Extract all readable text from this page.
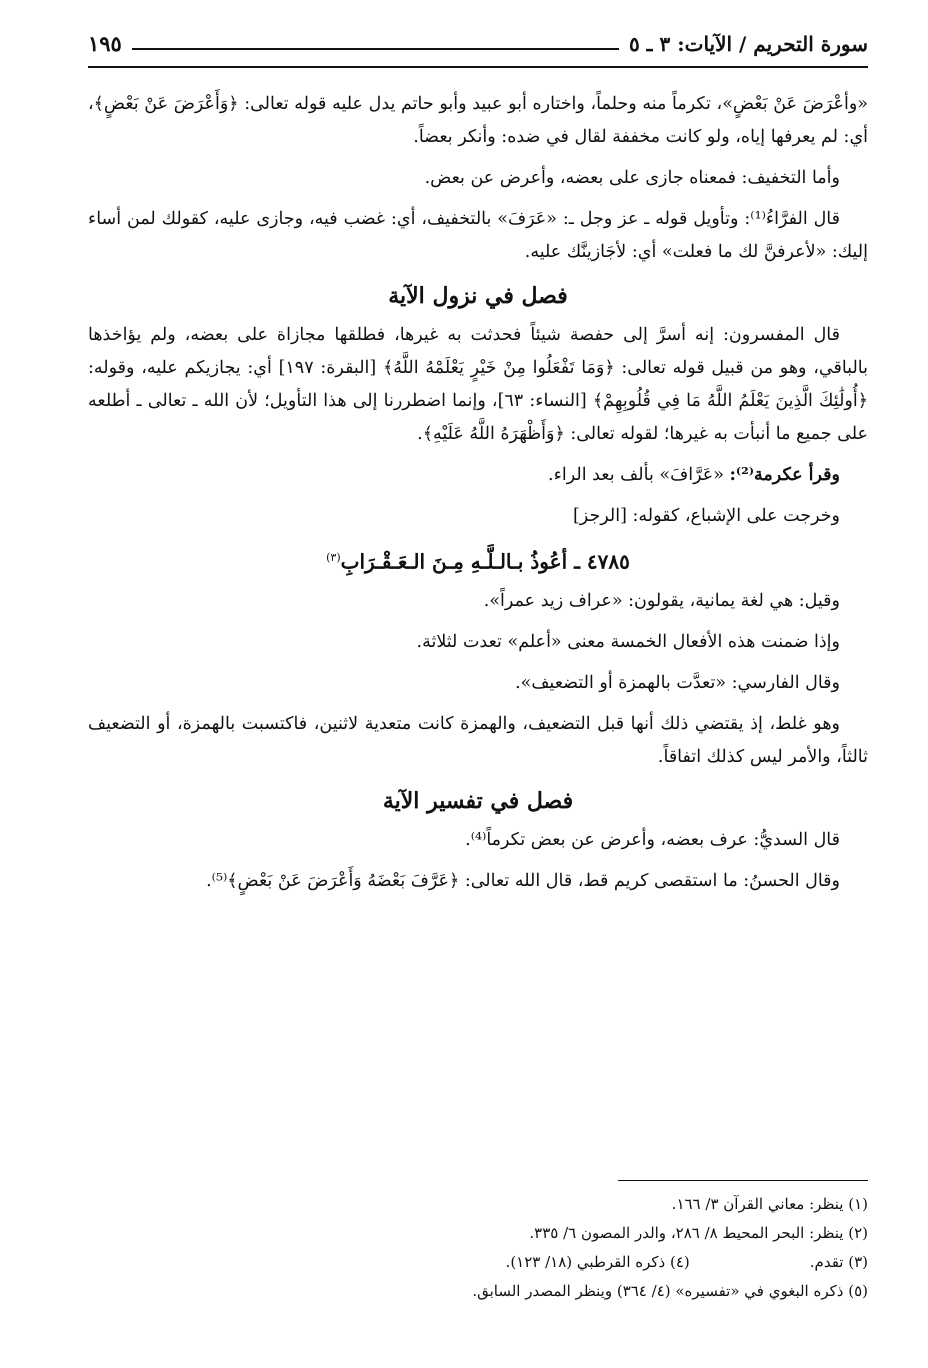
سورة التحريم / الآيات: ٣ ـ ٥
١٩٥

«وأعْرَضَ عَنْ بَعْضٍ»، تكرماً منه وحلماً، واختاره أبو عبيد وأبو حاتم يدل عليه قوله تعالى: ﴿وَأَعْرَضَ عَنْ بَعْضٍ﴾، أي: لم يعرفها إياه، ولو كانت مخففة لقال في ضده: وأنكر بعضاً.

وأما التخفيف: فمعناه جازى على بعضه، وأعرض عن بعض.

قال الفرَّاءُ⁽¹⁾: وتأويل قوله ـ عز وجل ـ: «عَرَفَ» بالتخفيف، أي: غضب فيه، وجازى عليه، كقولك لمن أساء إليك: «لأعرفنَّ لك ما فعلت» أي: لأجَازينَّك عليه.

فصل في نزول الآية

قال المفسرون: إنه أسرَّ إلى حفصة شيئاً فحدثت به غيرها، فطلقها مجازاة على بعضه، ولم يؤاخذها بالباقي، وهو من قبيل قوله تعالى: ﴿وَمَا تَفْعَلُوا مِنْ خَيْرٍ يَعْلَمْهُ اللَّهُ﴾ [البقرة: ١٩٧] أي: يجازيكم عليه، وقوله: ﴿أُولَٰئِكَ الَّذِينَ يَعْلَمُ اللَّهُ مَا فِي قُلُوبِهِمْ﴾ [النساء: ٦٣]، وإنما اضطررنا إلى هذا التأويل؛ لأن الله ـ تعالى ـ أطلعه على جميع ما أنبأت به غيرها؛ لقوله تعالى: ﴿وَأَظْهَرَهُ اللَّهُ عَلَيْهِ﴾.

وقرأ عكرمة⁽²⁾: «عَرَّافَ» بألف بعد الراء.

وخرجت على الإشباع، كقوله: [الرجز]

٤٧٨٥ ـ أعُوذُ بـالـلَّـهِ مِـنَ الـعَـقْـرَابِ$^{(٣)}$

وقيل: هي لغة يمانية، يقولون: «عراف زيد عمراً».

وإذا ضمنت هذه الأفعال الخمسة معنى «أعلم» تعدت لثلاثة.

وقال الفارسي: «تعدَّت بالهمزة أو التضعيف».

وهو غلط، إذ يقتضي ذلك أنها قبل التضعيف، والهمزة كانت متعدية لاثنين، فاكتسبت بالهمزة، أو التضعيف ثالثاً، والأمر ليس كذلك اتفاقاً.

فصل في تفسير الآية

قال السديُّ: عرف بعضه، وأعرض عن بعض تكرماً⁽⁴⁾.

وقال الحسنُ: ما استقصى كريم قط، قال الله تعالى: ﴿عَرَّفَ بَعْضَهُ وَأَعْرَضَ عَنْ بَعْضٍ﴾⁽⁵⁾.

(١) ينظر: معاني القرآن ٣/ ١٦٦.

(٢) ينظر: البحر المحيط ٨/ ٢٨٦، والدر المصون ٦/ ٣٣٥.

(٣) تقدم.

(٤) ذكره القرطبي (١٨/ ١٢٣).

(٥) ذكره البغوي في «تفسيره» (٤/ ٣٦٤) وينظر المصدر السابق.
